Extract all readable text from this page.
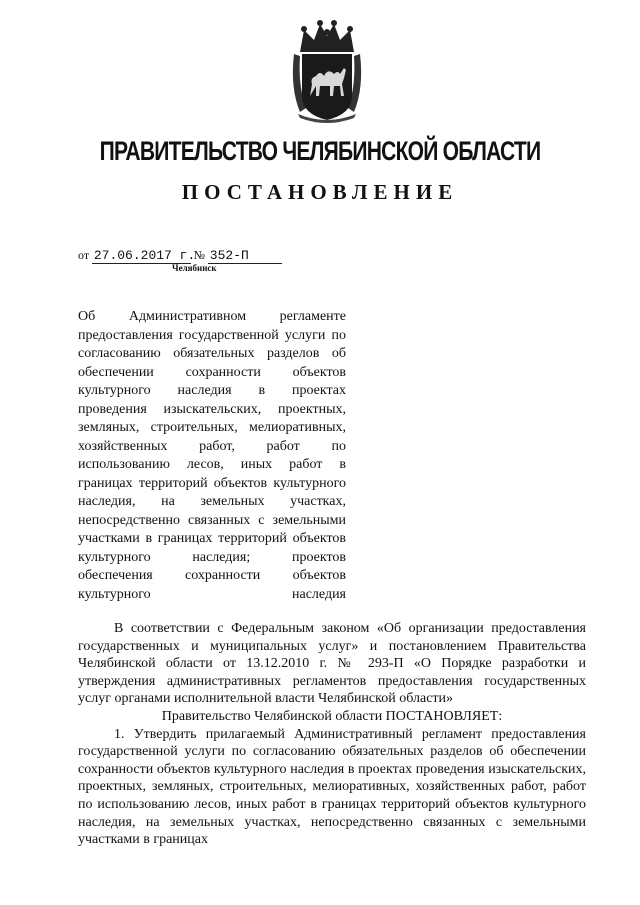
ПРАВИТЕЛЬСТВО ЧЕЛЯБИНСКОЙ ОБЛАСТИ
ПОСТАНОВЛЕНИЕ
от 27.06.2017 г. № 352-П
Челябинск
Об Административном регламенте предоставления государственной услуги по согласованию обязательных разделов об обеспечении сохранности объектов культурного наследия в проектах проведения изыскательских, проектных, земляных, строительных, мелиоративных, хозяйственных работ, работ по использованию лесов, иных работ в границах территорий объектов культурного наследия, на земельных участках, непосредственно связанных с земельными участками в границах территорий объектов культурного наследия; проектов обеспечения сохранности объектов культурного наследия

В соответствии с Федеральным законом «Об организации предоставления государственных и муниципальных услуг» и постановлением Правительства Челябинской области от 13.12.2010 г. № 293-П «О Порядке разработки и утверждения административных регламентов предоставления государственных услуг органами исполнительной власти Челябинской области»

Правительство Челябинской области ПОСТАНОВЛЯЕТ:

1. Утвердить прилагаемый Административный регламент предоставления государственной услуги по согласованию обязательных разделов об обеспечении сохранности объектов культурного наследия в проектах проведения изыскательских, проектных, земляных, строительных, мелиоративных, хозяйственных работ, работ по использованию лесов, иных работ в границах территорий объектов культурного наследия, на земельных участках, непосредственно связанных с земельными участками в границах
